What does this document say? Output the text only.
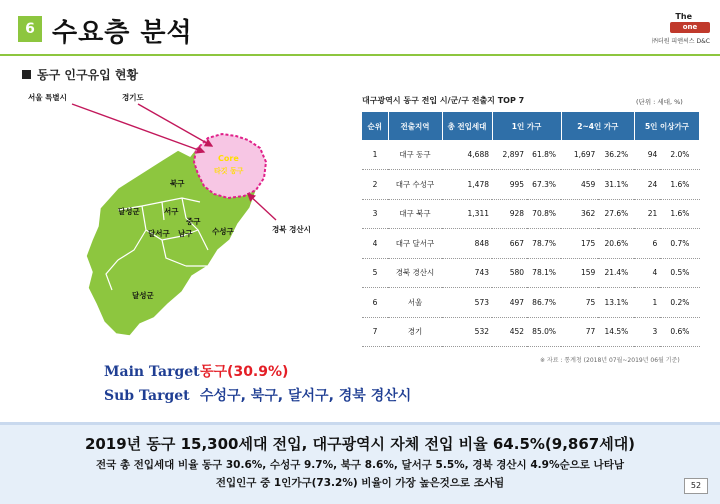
6 수요층 분석
The
one
㈜더원 피앤씨스 D&C
동구 인구유입 현황
서울 특별시	경기도
Core
타깃 동구
북구
달성군	서구
중구
달서구 남구	수성구	경북 경산시
달성군
대구광역시 동구 전입 시/군/구 전출지 TOP 7	(단위 : 세대, %)
순위	전출지역	총 전입세대	1인 가구		2~4인 가구		5인 이상가구	
1	대구 동구	4,688	2,897	61.8%	1,697	36.2%	94	2.0%
2	대구 수성구	1,478	995	67.3%	459	31.1%	24	1.6%
3	대구 북구	1,311	928	70.8%	362	27.6%	21	1.6%
4	대구 달서구	848	667	78.7%	175	20.6%	6	0.7%
5	경북 경산시	743	580	78.1%	159	21.4%	4	0.5%
6	서울	573	497	86.7%	75	13.1%	1	0.2%
7	경기	532	452	85.0%	77	14.5%	3	0.6%
※ 자료 : 통계청 (2018년 07월~2019년 06월 기준)
Main Target동구(30.9%)
Sub Target 수성구, 북구, 달서구, 경북 경산시
2019년 동구 15,300세대 전입, 대구광역시 자체 전입 비율 64.5%(9,867세대)
전국 총 전입세대 비율 동구 30.6%, 수성구 9.7%, 북구 8.6%, 달서구 5.5%, 경북 경산시 4.9%순으로 나타남
전입인구 중 1인가구(73.2%) 비율이 가장 높은것으로 조사됨	52
